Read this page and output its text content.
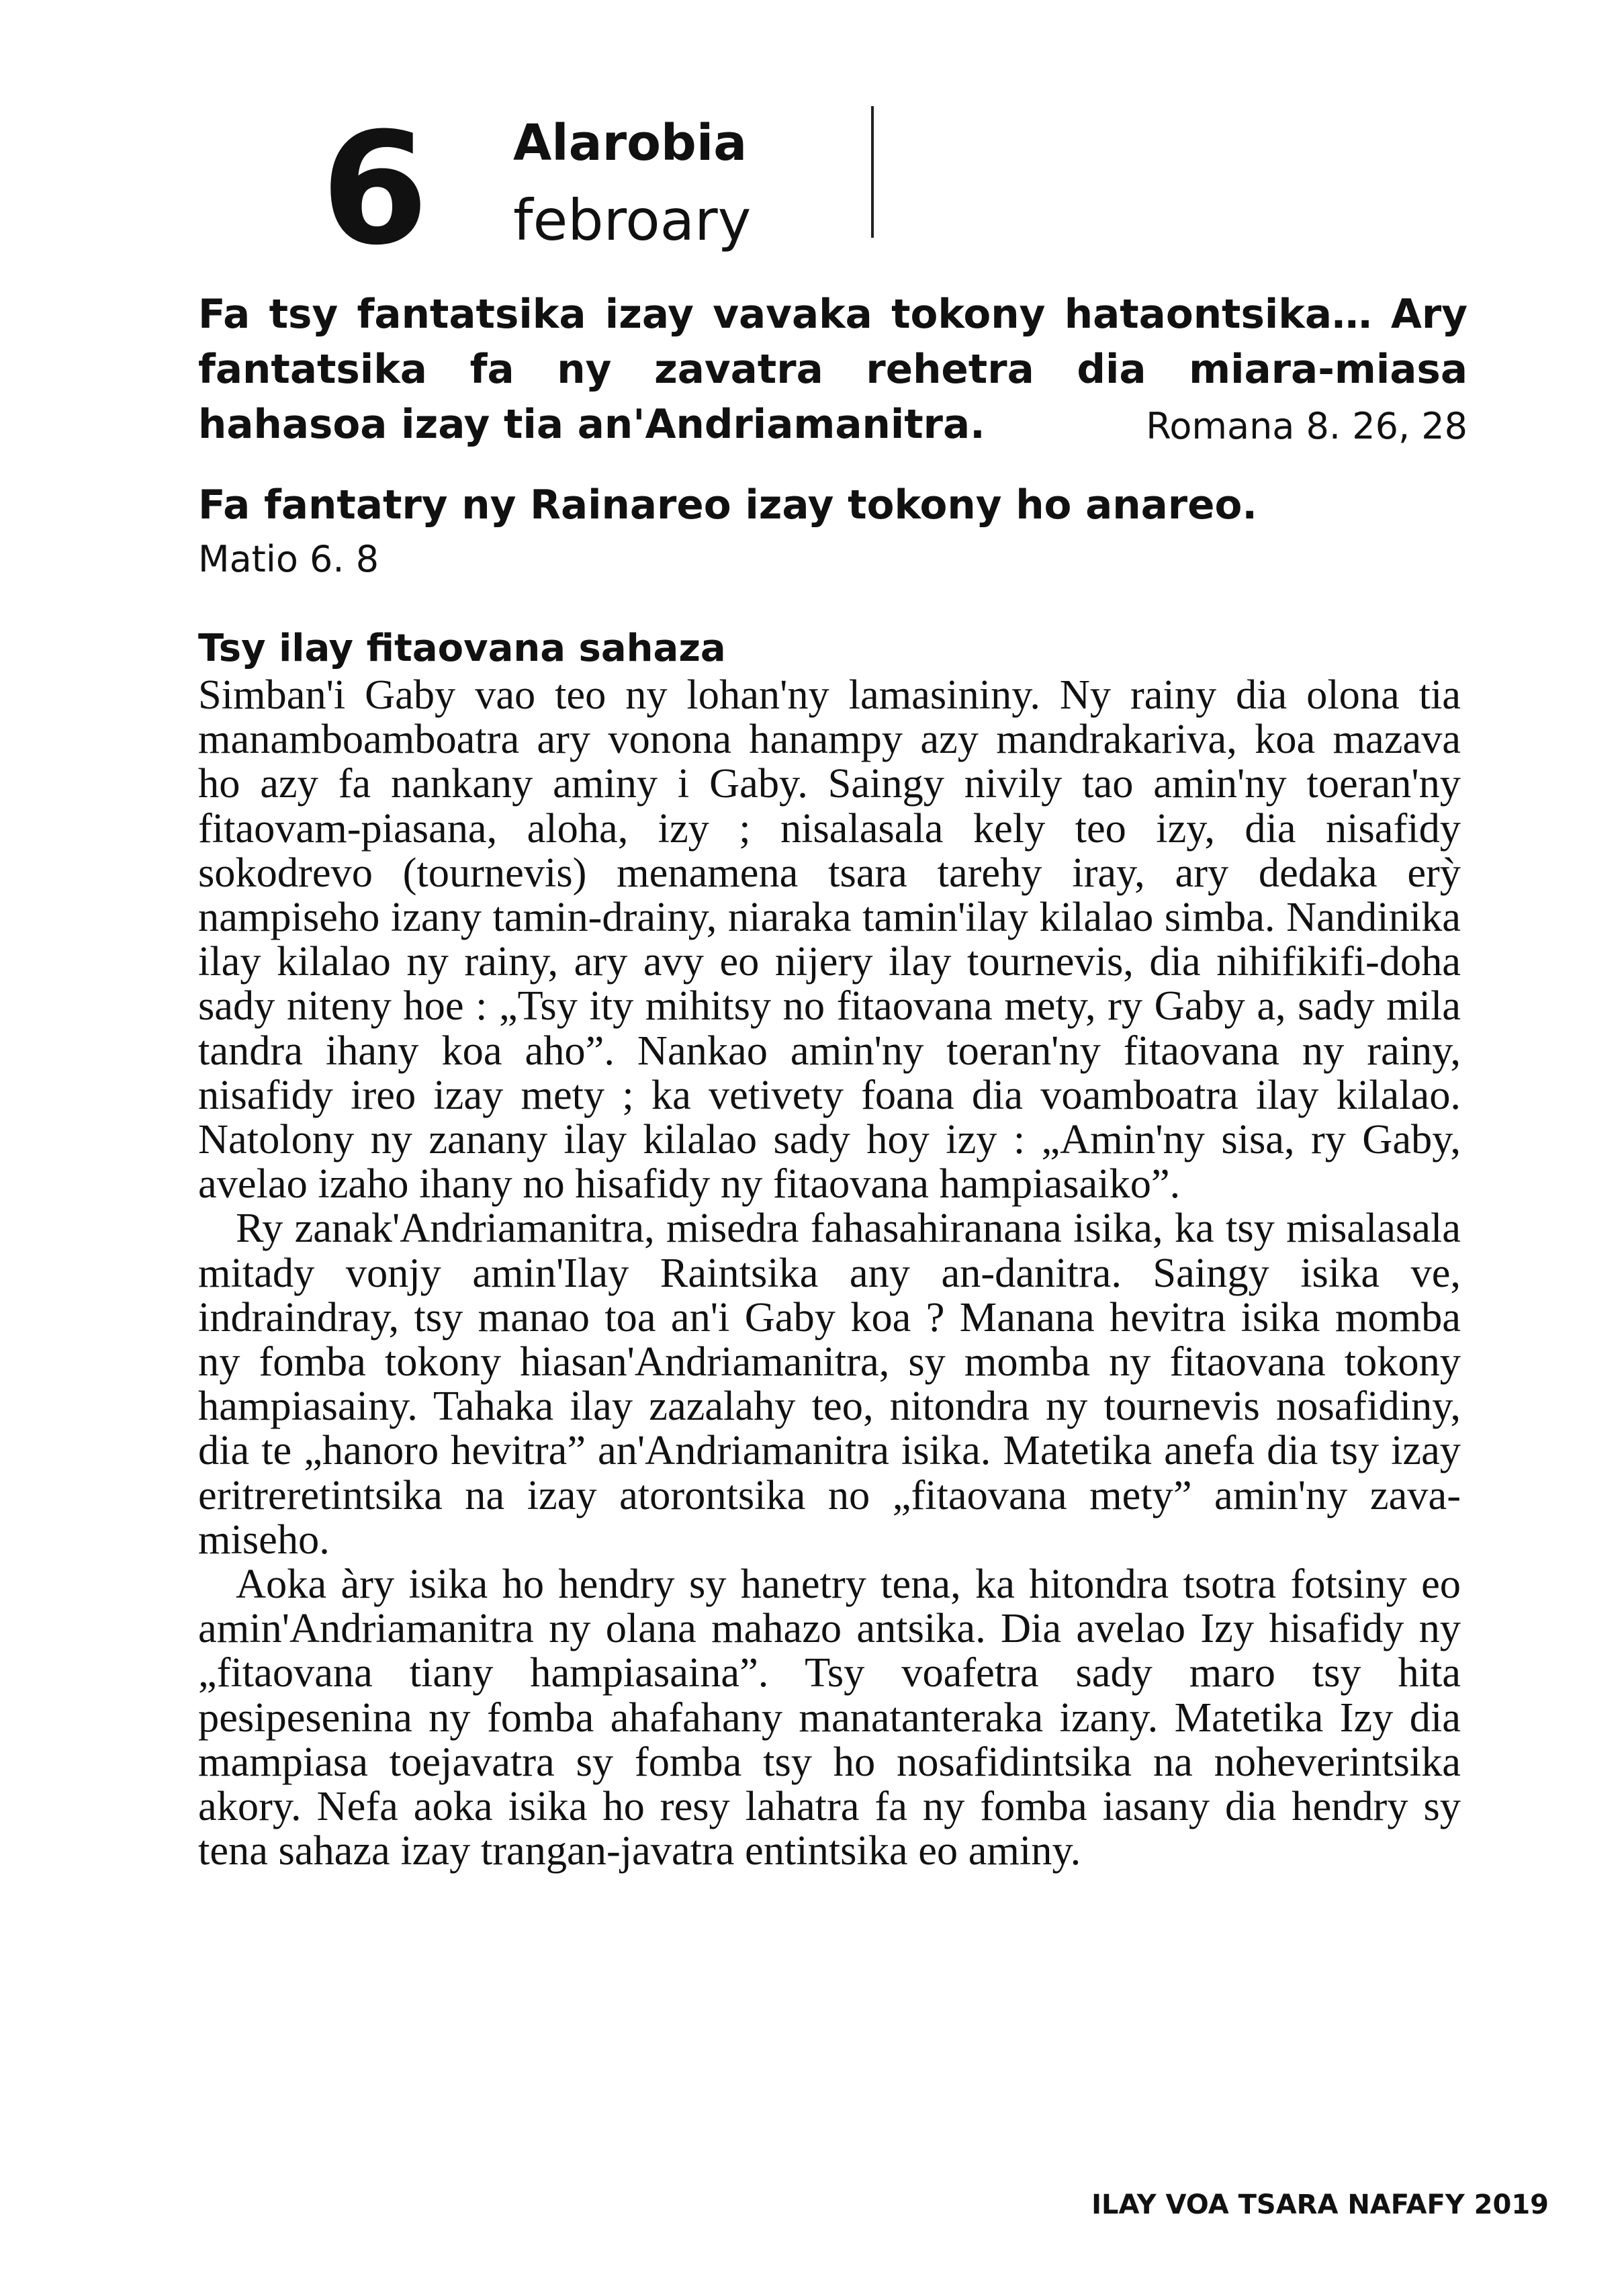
6 Alarobia
febroary
Fa tsy fantatsika izay vavaka tokony hataontsika… Ary fantatsika fa ny zavatra rehetra dia miara-miasa hahasoa izay tia an'Andriamanitra.	Romana 8. 26, 28
Fa fantatry ny Rainareo izay tokony ho anareo.
Matio 6. 8
Tsy ilay fitaovana sahaza

Simban'i Gaby vao teo ny lohan'ny lamasininy. Ny rainy dia olona tia manamboamboatra ary vonona hanampy azy mandrakariva, koa mazava ho azy fa nankany aminy i Gaby. Saingy nivily tao amin'ny toeran'ny fitaovam-piasana, aloha, izy ; nisalasala kely teo izy, dia nisafidy sokodrevo (tournevis) menamena tsara tarehy iray, ary dedaka erỳ nampiseho izany tamin-drainy, niaraka tamin'ilay kilalao simba. Nandinika ilay kilalao ny rainy, ary avy eo nijery ilay tournevis, dia nihifikifi-doha sady niteny hoe : „Tsy ity mihitsy no fitaovana mety, ry Gaby a, sady mila tandra ihany koa aho”. Nankao amin'ny toeran'ny fitaovana ny rainy, nisafidy ireo izay mety ; ka vetivety foana dia voamboatra ilay kilalao. Natolony ny zanany ilay kilalao sady hoy izy : „Amin'ny sisa, ry Gaby, avelao izaho ihany no hisafidy ny fitaovana hampiasaiko”.

Ry zanak'Andriamanitra, misedra fahasahiranana isika, ka tsy misalasala mitady vonjy amin'Ilay Raintsika any an-danitra. Saingy isika ve, indraindray, tsy manao toa an'i Gaby koa ? Manana hevitra isika momba ny fomba tokony hiasan'Andriamanitra, sy momba ny fitaovana tokony hampiasainy. Tahaka ilay zazalahy teo, nitondra ny tournevis nosafidiny, dia te „hanoro hevitra” an'Andriamanitra isika. Matetika anefa dia tsy izay eritreretintsika na izay atorontsika no „fitaovana mety” amin'ny zava-miseho.

Aoka àry isika ho hendry sy hanetry tena, ka hitondra tsotra fotsiny eo amin'Andriamanitra ny olana mahazo antsika. Dia avelao Izy hisafidy ny „fitaovana tiany hampiasaina”. Tsy voafetra sady maro tsy hita pesipesenina ny fomba ahafahany manatanteraka izany. Matetika Izy dia mampiasa toejavatra sy fomba tsy ho nosafidintsika na noheverintsika akory. Nefa aoka isika ho resy lahatra fa ny fomba iasany dia hendry sy tena sahaza izay trangan-javatra entintsika eo aminy.

ILAY VOA TSARA NAFAFY 2019
